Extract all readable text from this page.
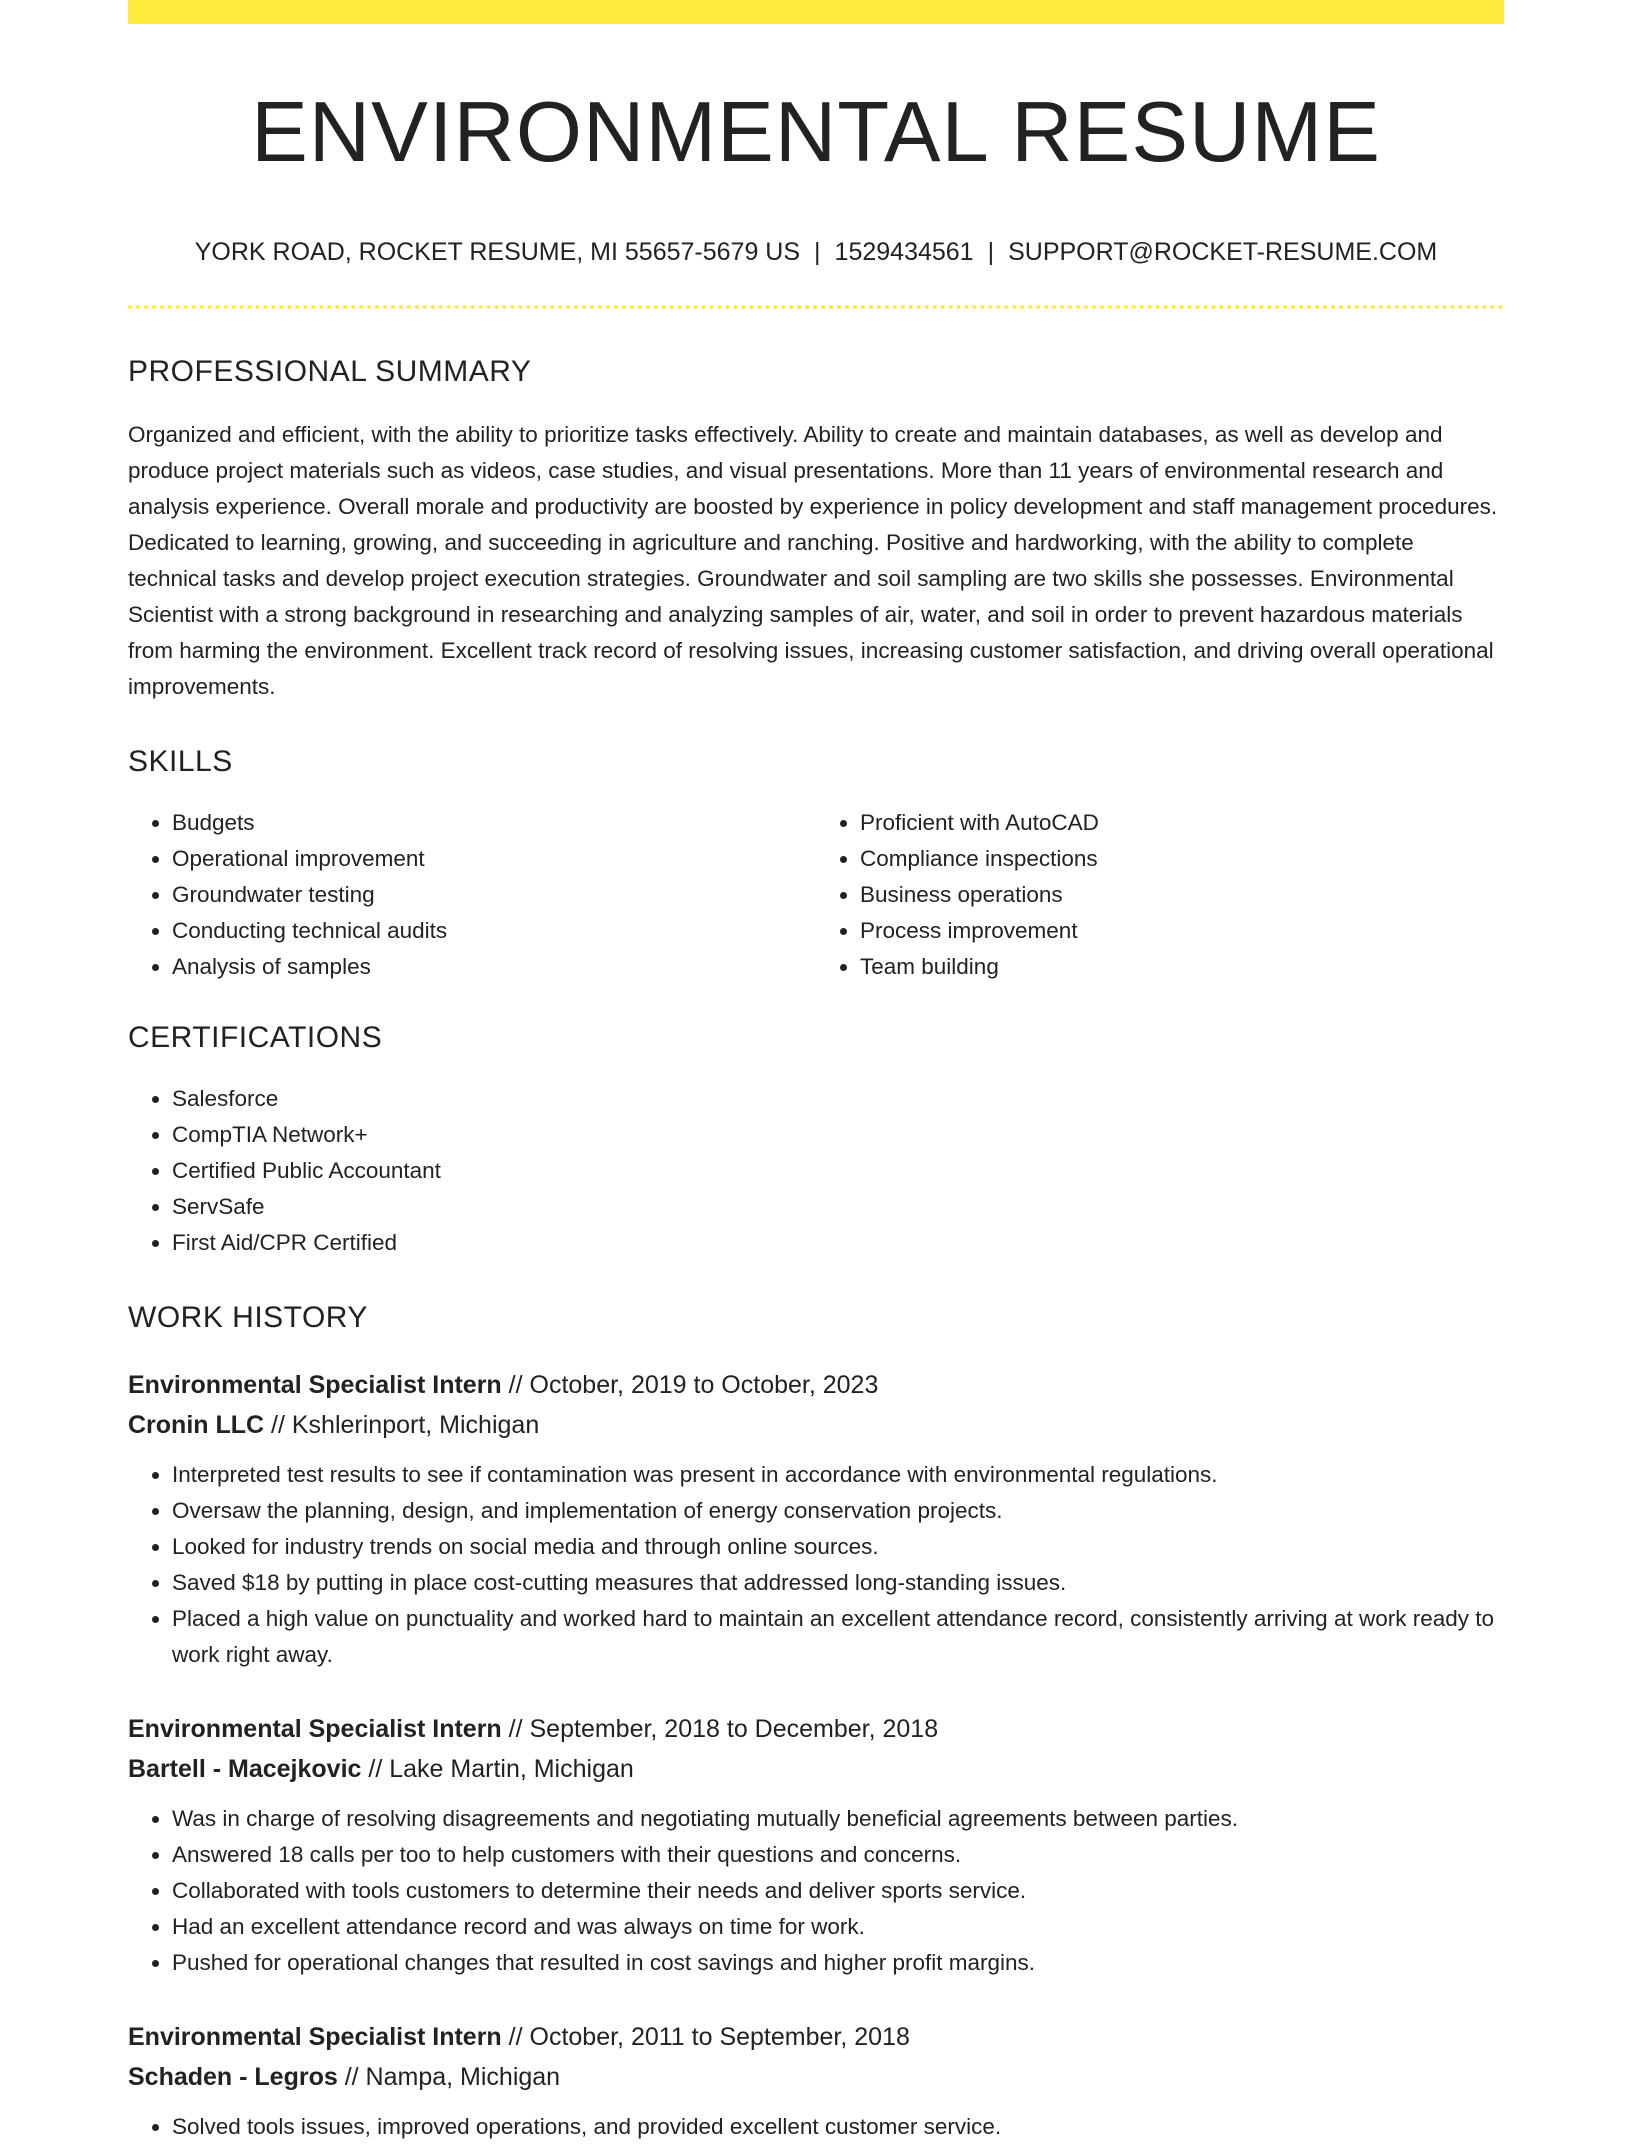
ENVIRONMENTAL RESUME
YORK ROAD, ROCKET RESUME, MI 55657-5679 US | 1529434561 | SUPPORT@ROCKET-RESUME.COM
PROFESSIONAL SUMMARY

Organized and efficient, with the ability to prioritize tasks effectively. Ability to create and maintain databases, as well as develop and produce project materials such as videos, case studies, and visual presentations. More than 11 years of environmental research and analysis experience. Overall morale and productivity are boosted by experience in policy development and staff management procedures. Dedicated to learning, growing, and succeeding in agriculture and ranching. Positive and hardworking, with the ability to complete technical tasks and develop project execution strategies. Groundwater and soil sampling are two skills she possesses. Environmental Scientist with a strong background in researching and analyzing samples of air, water, and soil in order to prevent hazardous materials from harming the environment. Excellent track record of resolving issues, increasing customer satisfaction, and driving overall operational improvements.

SKILLS
• Budgets
• Operational improvement
• Groundwater testing
• Conducting technical audits
• Analysis of samples
• Proficient with AutoCAD
• Compliance inspections
• Business operations
• Process improvement
• Team building
CERTIFICATIONS
• Salesforce
• CompTIA Network+
• Certified Public Accountant
• ServSafe
• First Aid/CPR Certified
WORK HISTORY
Environmental Specialist Intern // October, 2019 to October, 2023
Cronin LLC // Kshlerinport, Michigan
• Interpreted test results to see if contamination was present in accordance with environmental regulations.
• Oversaw the planning, design, and implementation of energy conservation projects.
• Looked for industry trends on social media and through online sources.
• Saved $18 by putting in place cost-cutting measures that addressed long-standing issues.
• Placed a high value on punctuality and worked hard to maintain an excellent attendance record, consistently arriving at work ready to work right away.
Environmental Specialist Intern // September, 2018 to December, 2018
Bartell - Macejkovic // Lake Martin, Michigan
• Was in charge of resolving disagreements and negotiating mutually beneficial agreements between parties.
• Answered 18 calls per too to help customers with their questions and concerns.
• Collaborated with tools customers to determine their needs and deliver sports service.
• Had an excellent attendance record and was always on time for work.
• Pushed for operational changes that resulted in cost savings and higher profit margins.
Environmental Specialist Intern // October, 2011 to September, 2018
Schaden - Legros // Nampa, Michigan
• Solved tools issues, improved operations, and provided excellent customer service.
